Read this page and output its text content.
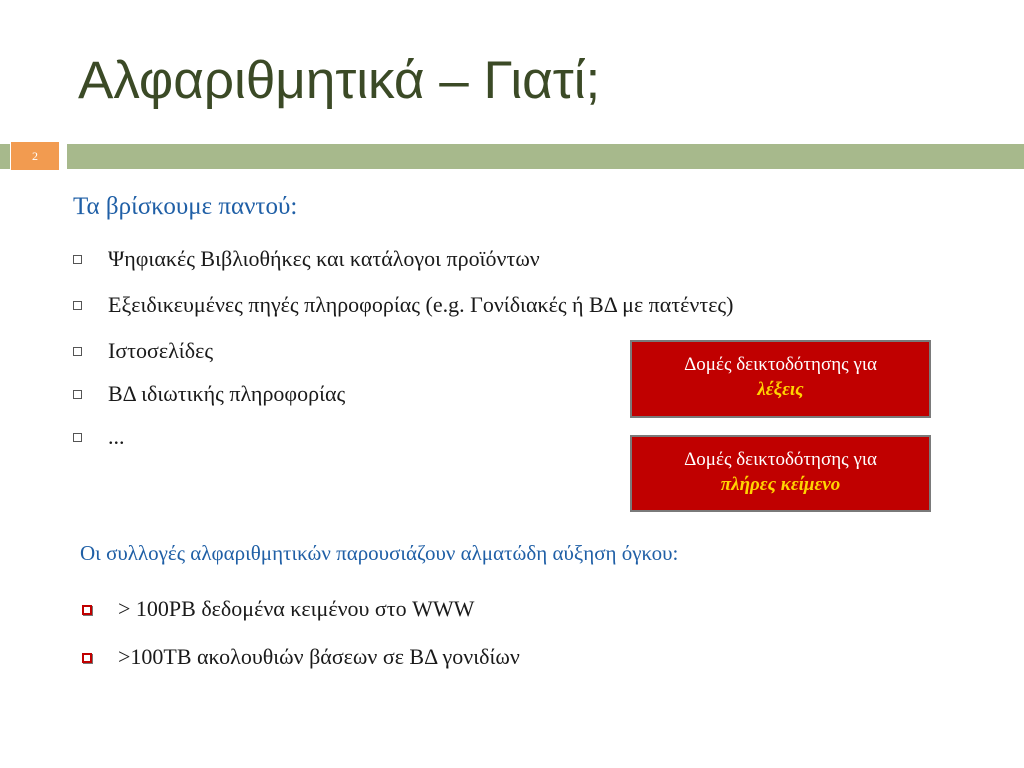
Αλφαριθμητικά – Γιατί;
2
Τα βρίσκουμε παντού:
Ψηφιακές Βιβλιοθήκες και κατάλογοι προϊόντων
Εξειδικευμένες πηγές πληροφορίας (e.g. Γονίδιακές ή ΒΔ με πατέντες)
Ιστοσελίδες
ΒΔ ιδιωτικής πληροφορίας
...
Δομές δεικτοδότησης για
λέξεις
Δομές δεικτοδότησης για
πλήρες κείμενο
Οι συλλογές αλφαριθμητικών παρουσιάζουν αλματώδη αύξηση όγκου:
> 100PB δεδομένα κειμένου στο WWW
>100TB ακολουθιών βάσεων σε ΒΔ γονιδίων
